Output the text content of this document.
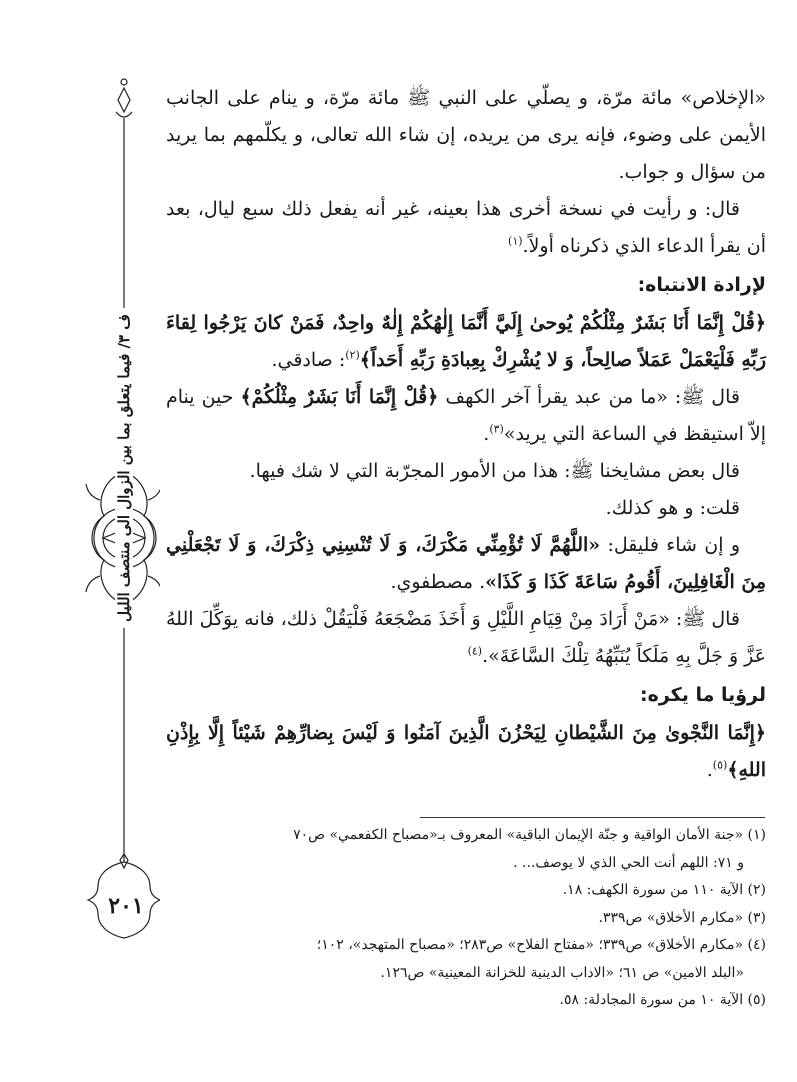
ف ٣/ فيما يتعلق بما بين الزوال الى منتصف الليل
٢٠١

«الإخلاص» مائة مرّة، و يصلّي على النبي ﷺ مائة مرّة، و ينام على الجانب الأيمن على وضوء، فإنه يرى من يريده، إن شاء الله تعالى، و يكلّمهم بما يريد من سؤال و جواب.

قال: و رأيت في نسخة أخرى هذا بعينه، غير أنه يفعل ذلك سبع ليال، بعد أن يقرأ الدعاء الذي ذكرناه أولاً.$^{(١)}$

لإرادة الانتباه:

﴿قُلْ إِنَّمَا أَنَا بَشَرٌ مِثْلُكُمْ يُوحىٰ إِلَيَّ أَنَّمَا إِلٰهُكُمْ إِلٰهٌ واحِدٌ، فَمَنْ كانَ يَرْجُوا لِقاءَ رَبِّهِ فَلْيَعْمَلْ عَمَلاً صالِحاً، وَ لا يُشْرِكْ بِعِبادَةِ رَبِّهِ أَحَداً﴾$^{(٢)}$: صادقي.

قال ﷺ: «ما من عبد يقرأ آخر الكهف ﴿قُلْ إِنَّمَا أَنَا بَشَرٌ مِثْلُكُمْ﴾ حين ينام إلاّ استيقظ في الساعة التي يريد»$^{(٣)}$.

قال بعض مشايخنا ﷺ: هذا من الأمور المجرّبة التي لا شك فيها.

قلت: و هو كذلك.

و إن شاء فليقل: «اللَّهُمَّ لَا تُؤْمِنِّي مَكْرَكَ، وَ لَا تُنْسِنِي ذِكْرَكَ، وَ لَا تَجْعَلْنِي مِنَ الْغَافِلِينَ، أَقُومُ سَاعَةَ كَذَا وَ كَذَا». مصطفوي.

قال ﷺ: «مَنْ أَرَادَ مِنْ قِيَامِ اللَّيْلِ وَ أَخَذَ مَضْجَعَهُ فَلْيَقُلْ ذلك، فانه يوَكِّلَ اللهُ عَزَّ وَ جَلَّ بِهِ مَلَكاً يُنَبِّهُهُ تِلْكَ السَّاعَةَ».$^{(٤)}$

لرؤيا ما يكره:

﴿إِنَّمَا النَّجْوىٰ مِنَ الشَّيْطانِ لِيَحْزُنَ الَّذِينَ آمَنُوا وَ لَيْسَ بِضارِّهِمْ شَيْئاً إِلَّا بِإِذْنِ اللهِ﴾$^{(٥)}$.

(١) «جنة الأمان الواقية و جنّة الإيمان الباقية» المعروف بـ«مصباح الكفعمي» ص٧٠

و ٧١: اللهم أنت الحي الذي لا يوصف... .

(٢) الآية ١١٠ من سورة الكهف: ١٨.

(٣) «مكارم الأخلاق» ص٣٣٩.

(٤) «مكارم الأخلاق» ص٣٣٩؛ «مفتاح الفلاح» ص٢٨٣؛ «مصباح المتهجد»، ١٠٢؛

«البلد الامين» ص ٦١؛ «الاداب الدينية للخزانة المعينية» ص١٢٦.

(٥) الآية ١٠ من سورة المجادلة: ٥٨.
